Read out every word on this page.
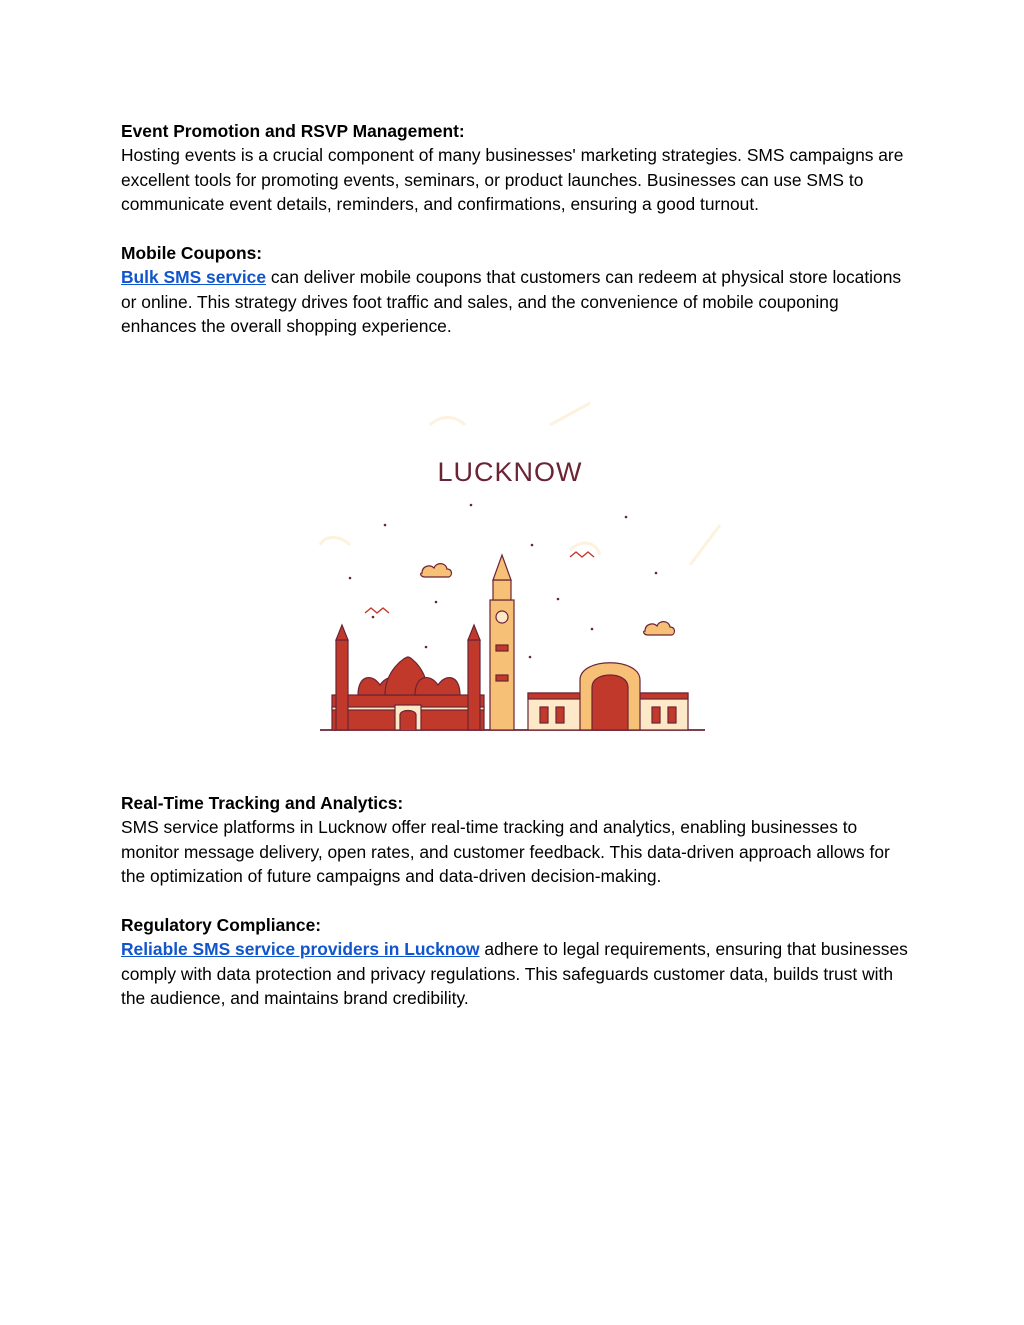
Event Promotion and RSVP Management:
Hosting events is a crucial component of many businesses' marketing strategies. SMS campaigns are excellent tools for promoting events, seminars, or product launches. Businesses can use SMS to communicate event details, reminders, and confirmations, ensuring a good turnout.
Mobile Coupons:
Bulk SMS service can deliver mobile coupons that customers can redeem at physical store locations or online. This strategy drives foot traffic and sales, and the convenience of mobile couponing enhances the overall shopping experience.
LUCKNOW
Real-Time Tracking and Analytics:
SMS service platforms in Lucknow offer real-time tracking and analytics, enabling businesses to monitor message delivery, open rates, and customer feedback. This data-driven approach allows for the optimization of future campaigns and data-driven decision-making.
Regulatory Compliance:
Reliable SMS service providers in Lucknow adhere to legal requirements, ensuring that businesses comply with data protection and privacy regulations. This safeguards customer data, builds trust with the audience, and maintains brand credibility.
